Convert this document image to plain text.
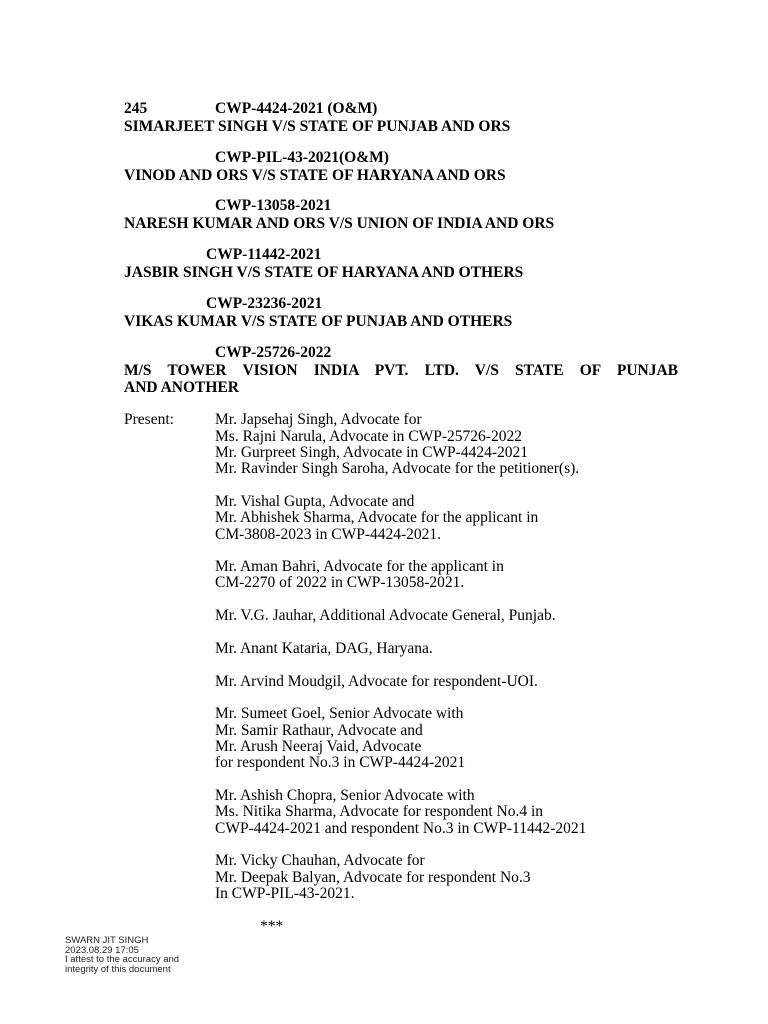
245	CWP-4424-2021 (O&M)
SIMARJEET SINGH V/S STATE OF PUNJAB AND ORS
CWP-PIL-43-2021(O&M)
VINOD AND ORS V/S STATE OF HARYANA AND ORS
CWP-13058-2021
NARESH KUMAR AND ORS V/S UNION OF INDIA AND ORS
CWP-11442-2021
JASBIR SINGH V/S STATE OF HARYANA AND OTHERS
CWP-23236-2021
VIKAS KUMAR V/S STATE OF PUNJAB AND OTHERS
CWP-25726-2022
M/S TOWER VISION INDIA PVT. LTD. V/S STATE OF PUNJAB
AND ANOTHER
Present:	Mr. Japsehaj Singh, Advocate for
Ms. Rajni Narula, Advocate in CWP-25726-2022
Mr. Gurpreet Singh, Advocate in CWP-4424-2021
Mr. Ravinder Singh Saroha, Advocate for the petitioner(s).
Mr. Vishal Gupta, Advocate and
Mr. Abhishek Sharma, Advocate for the applicant in
CM-3808-2023 in CWP-4424-2021.
Mr. Aman Bahri, Advocate for the applicant in
CM-2270 of 2022 in CWP-13058-2021.
Mr. V.G. Jauhar, Additional Advocate General, Punjab.
Mr. Anant Kataria, DAG, Haryana.
Mr. Arvind Moudgil, Advocate for respondent-UOI.
Mr. Sumeet Goel, Senior Advocate with
Mr. Samir Rathaur, Advocate and
Mr. Arush Neeraj Vaid, Advocate
for respondent No.3 in CWP-4424-2021
Mr. Ashish Chopra, Senior Advocate with
Ms. Nitika Sharma, Advocate for respondent No.4 in
CWP-4424-2021 and respondent No.3 in CWP-11442-2021
Mr. Vicky Chauhan, Advocate for
Mr. Deepak Balyan, Advocate for respondent No.3
In CWP-PIL-43-2021.
***
SWARN JIT SINGH
2023.08.29 17:05
I attest to the accuracy and
integrity of this document
